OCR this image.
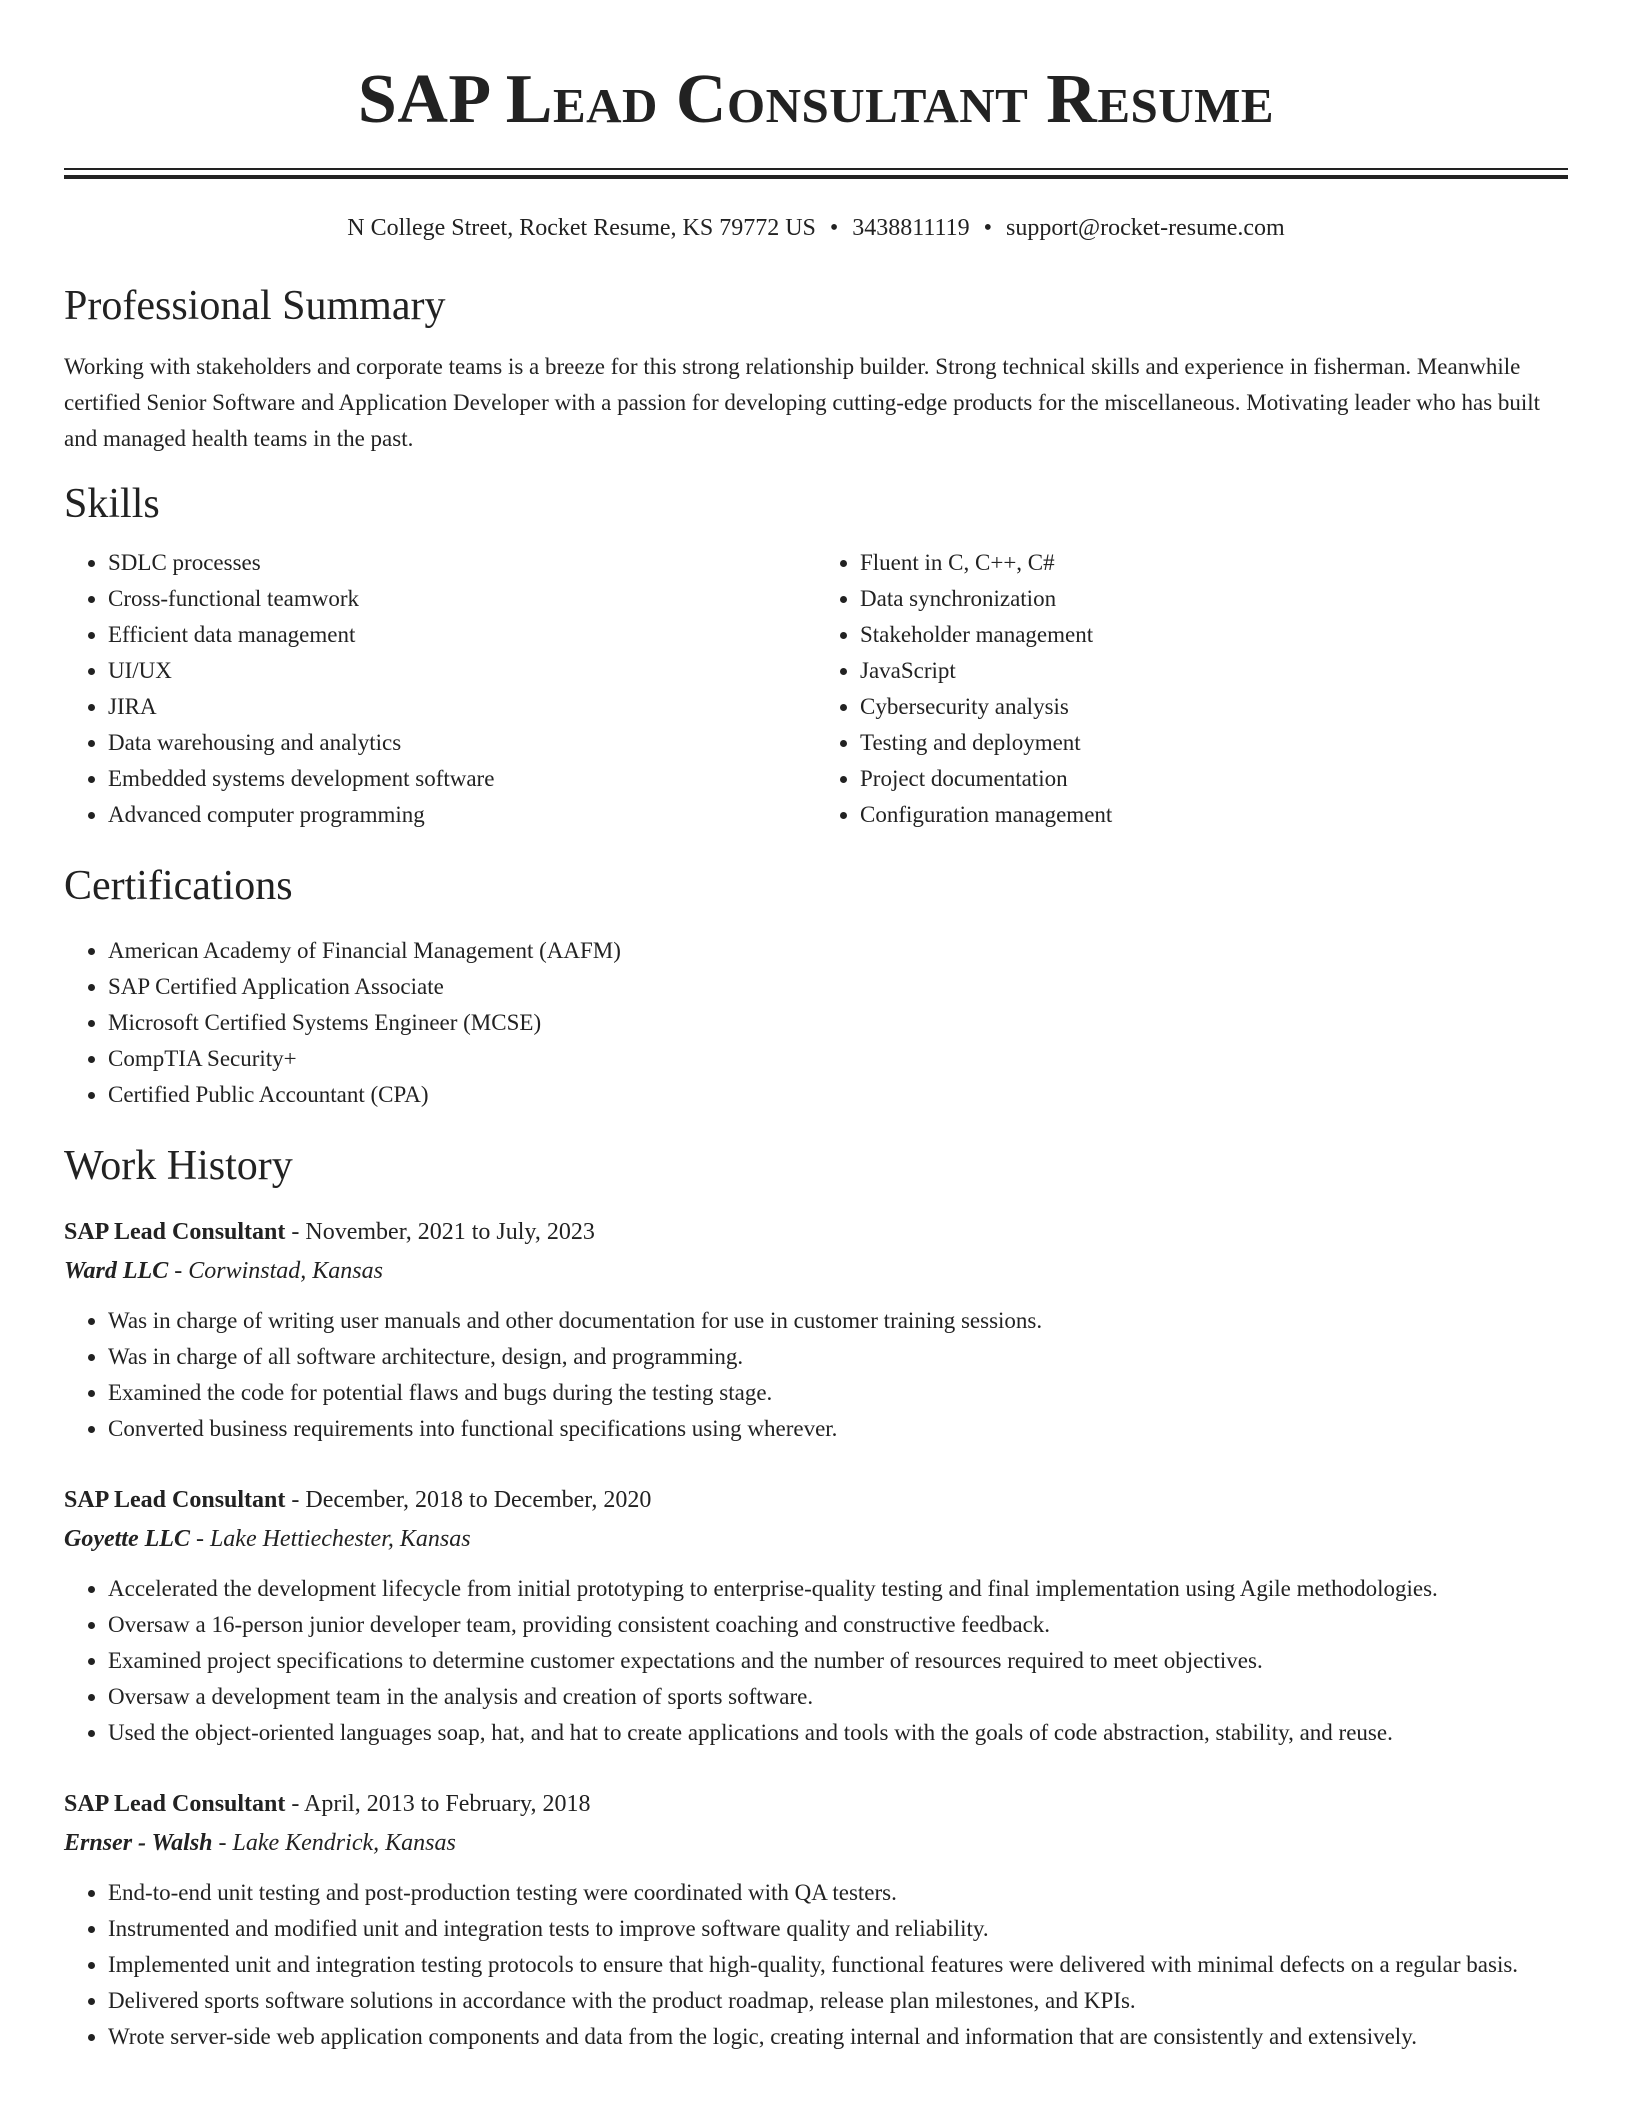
SAP Lead Consultant Resume
N College Street, Rocket Resume, KS 79772 US • 3438811119 • support@rocket-resume.com
Professional Summary
Working with stakeholders and corporate teams is a breeze for this strong relationship builder. Strong technical skills and experience in fisherman. Meanwhile certified Senior Software and Application Developer with a passion for developing cutting-edge products for the miscellaneous. Motivating leader who has built and managed health teams in the past.
Skills
• SDLC processes
• Cross-functional teamwork
• Efficient data management
• UI/UX
• JIRA
• Data warehousing and analytics
• Embedded systems development software
• Advanced computer programming
• Fluent in C, C++, C#
• Data synchronization
• Stakeholder management
• JavaScript
• Cybersecurity analysis
• Testing and deployment
• Project documentation
• Configuration management
Certifications
• American Academy of Financial Management (AAFM)
• SAP Certified Application Associate
• Microsoft Certified Systems Engineer (MCSE)
• CompTIA Security+
• Certified Public Accountant (CPA)
Work History
SAP Lead Consultant - November, 2021 to July, 2023
Ward LLC - Corwinstad, Kansas
• Was in charge of writing user manuals and other documentation for use in customer training sessions.
• Was in charge of all software architecture, design, and programming.
• Examined the code for potential flaws and bugs during the testing stage.
• Converted business requirements into functional specifications using wherever.
SAP Lead Consultant - December, 2018 to December, 2020
Goyette LLC - Lake Hettiechester, Kansas
• Accelerated the development lifecycle from initial prototyping to enterprise-quality testing and final implementation using Agile methodologies.
• Oversaw a 16-person junior developer team, providing consistent coaching and constructive feedback.
• Examined project specifications to determine customer expectations and the number of resources required to meet objectives.
• Oversaw a development team in the analysis and creation of sports software.
• Used the object-oriented languages soap, hat, and hat to create applications and tools with the goals of code abstraction, stability, and reuse.
SAP Lead Consultant - April, 2013 to February, 2018
Ernser - Walsh - Lake Kendrick, Kansas
• End-to-end unit testing and post-production testing were coordinated with QA testers.
• Instrumented and modified unit and integration tests to improve software quality and reliability.
• Implemented unit and integration testing protocols to ensure that high-quality, functional features were delivered with minimal defects on a regular basis.
• Delivered sports software solutions in accordance with the product roadmap, release plan milestones, and KPIs.
• Wrote server-side web application components and data from the logic, creating internal and information that are consistently and extensively.
